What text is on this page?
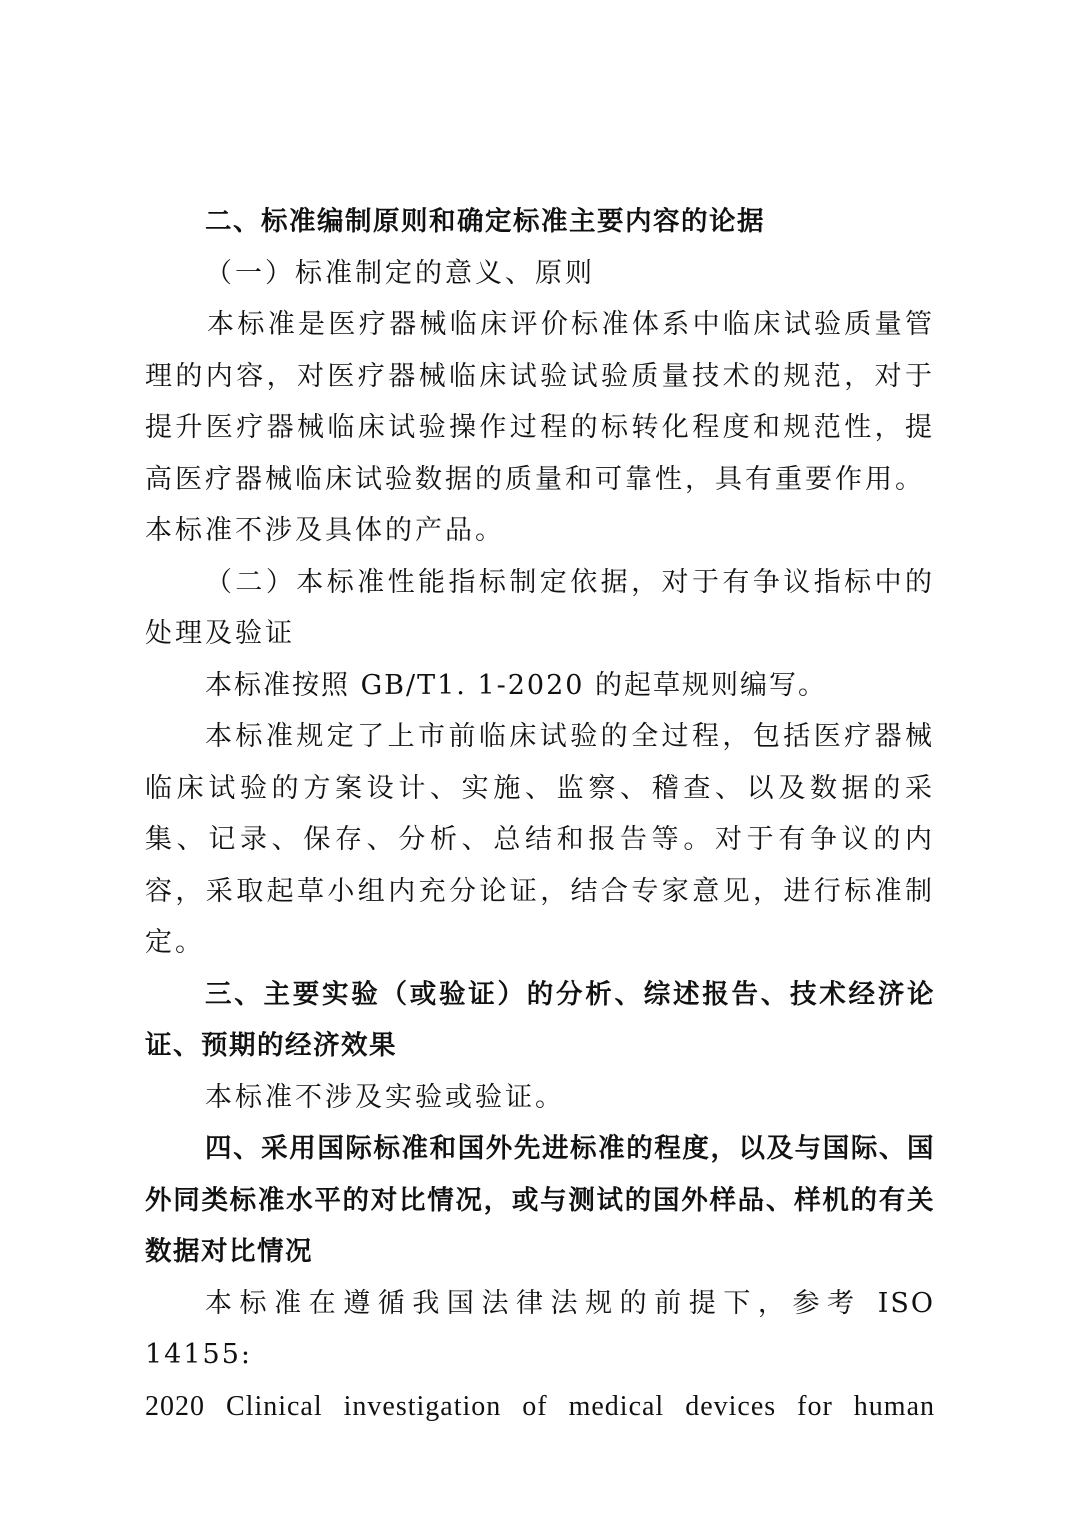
二、标准编制原则和确定标准主要内容的论据

（一）标准制定的意义、原则

本标准是医疗器械临床评价标准体系中临床试验质量管理的内容，对医疗器械临床试验试验质量技术的规范，对于提升医疗器械临床试验操作过程的标转化程度和规范性，提高医疗器械临床试验数据的质量和可靠性，具有重要作用。

本标准不涉及具体的产品。

（二）本标准性能指标制定依据，对于有争议指标中的处理及验证

本标准按照 GB/T1. 1-2020 的起草规则编写。

本标准规定了上市前临床试验的全过程，包括医疗器械临床试验的方案设计、实施、监察、稽查、以及数据的采集、记录、保存、分析、总结和报告等。对于有争议的内容，采取起草小组内充分论证，结合专家意见，进行标准制定。

三、主要实验（或验证）的分析、综述报告、技术经济论证、预期的经济效果

本标准不涉及实验或验证。

四、采用国际标准和国外先进标准的程度，以及与国际、国外同类标准水平的对比情况，或与测试的国外样品、样机的有关数据对比情况

本标准在遵循我国法律法规的前提下，参考 ISO 14155:

2020 Clinical investigation of medical devices for human
